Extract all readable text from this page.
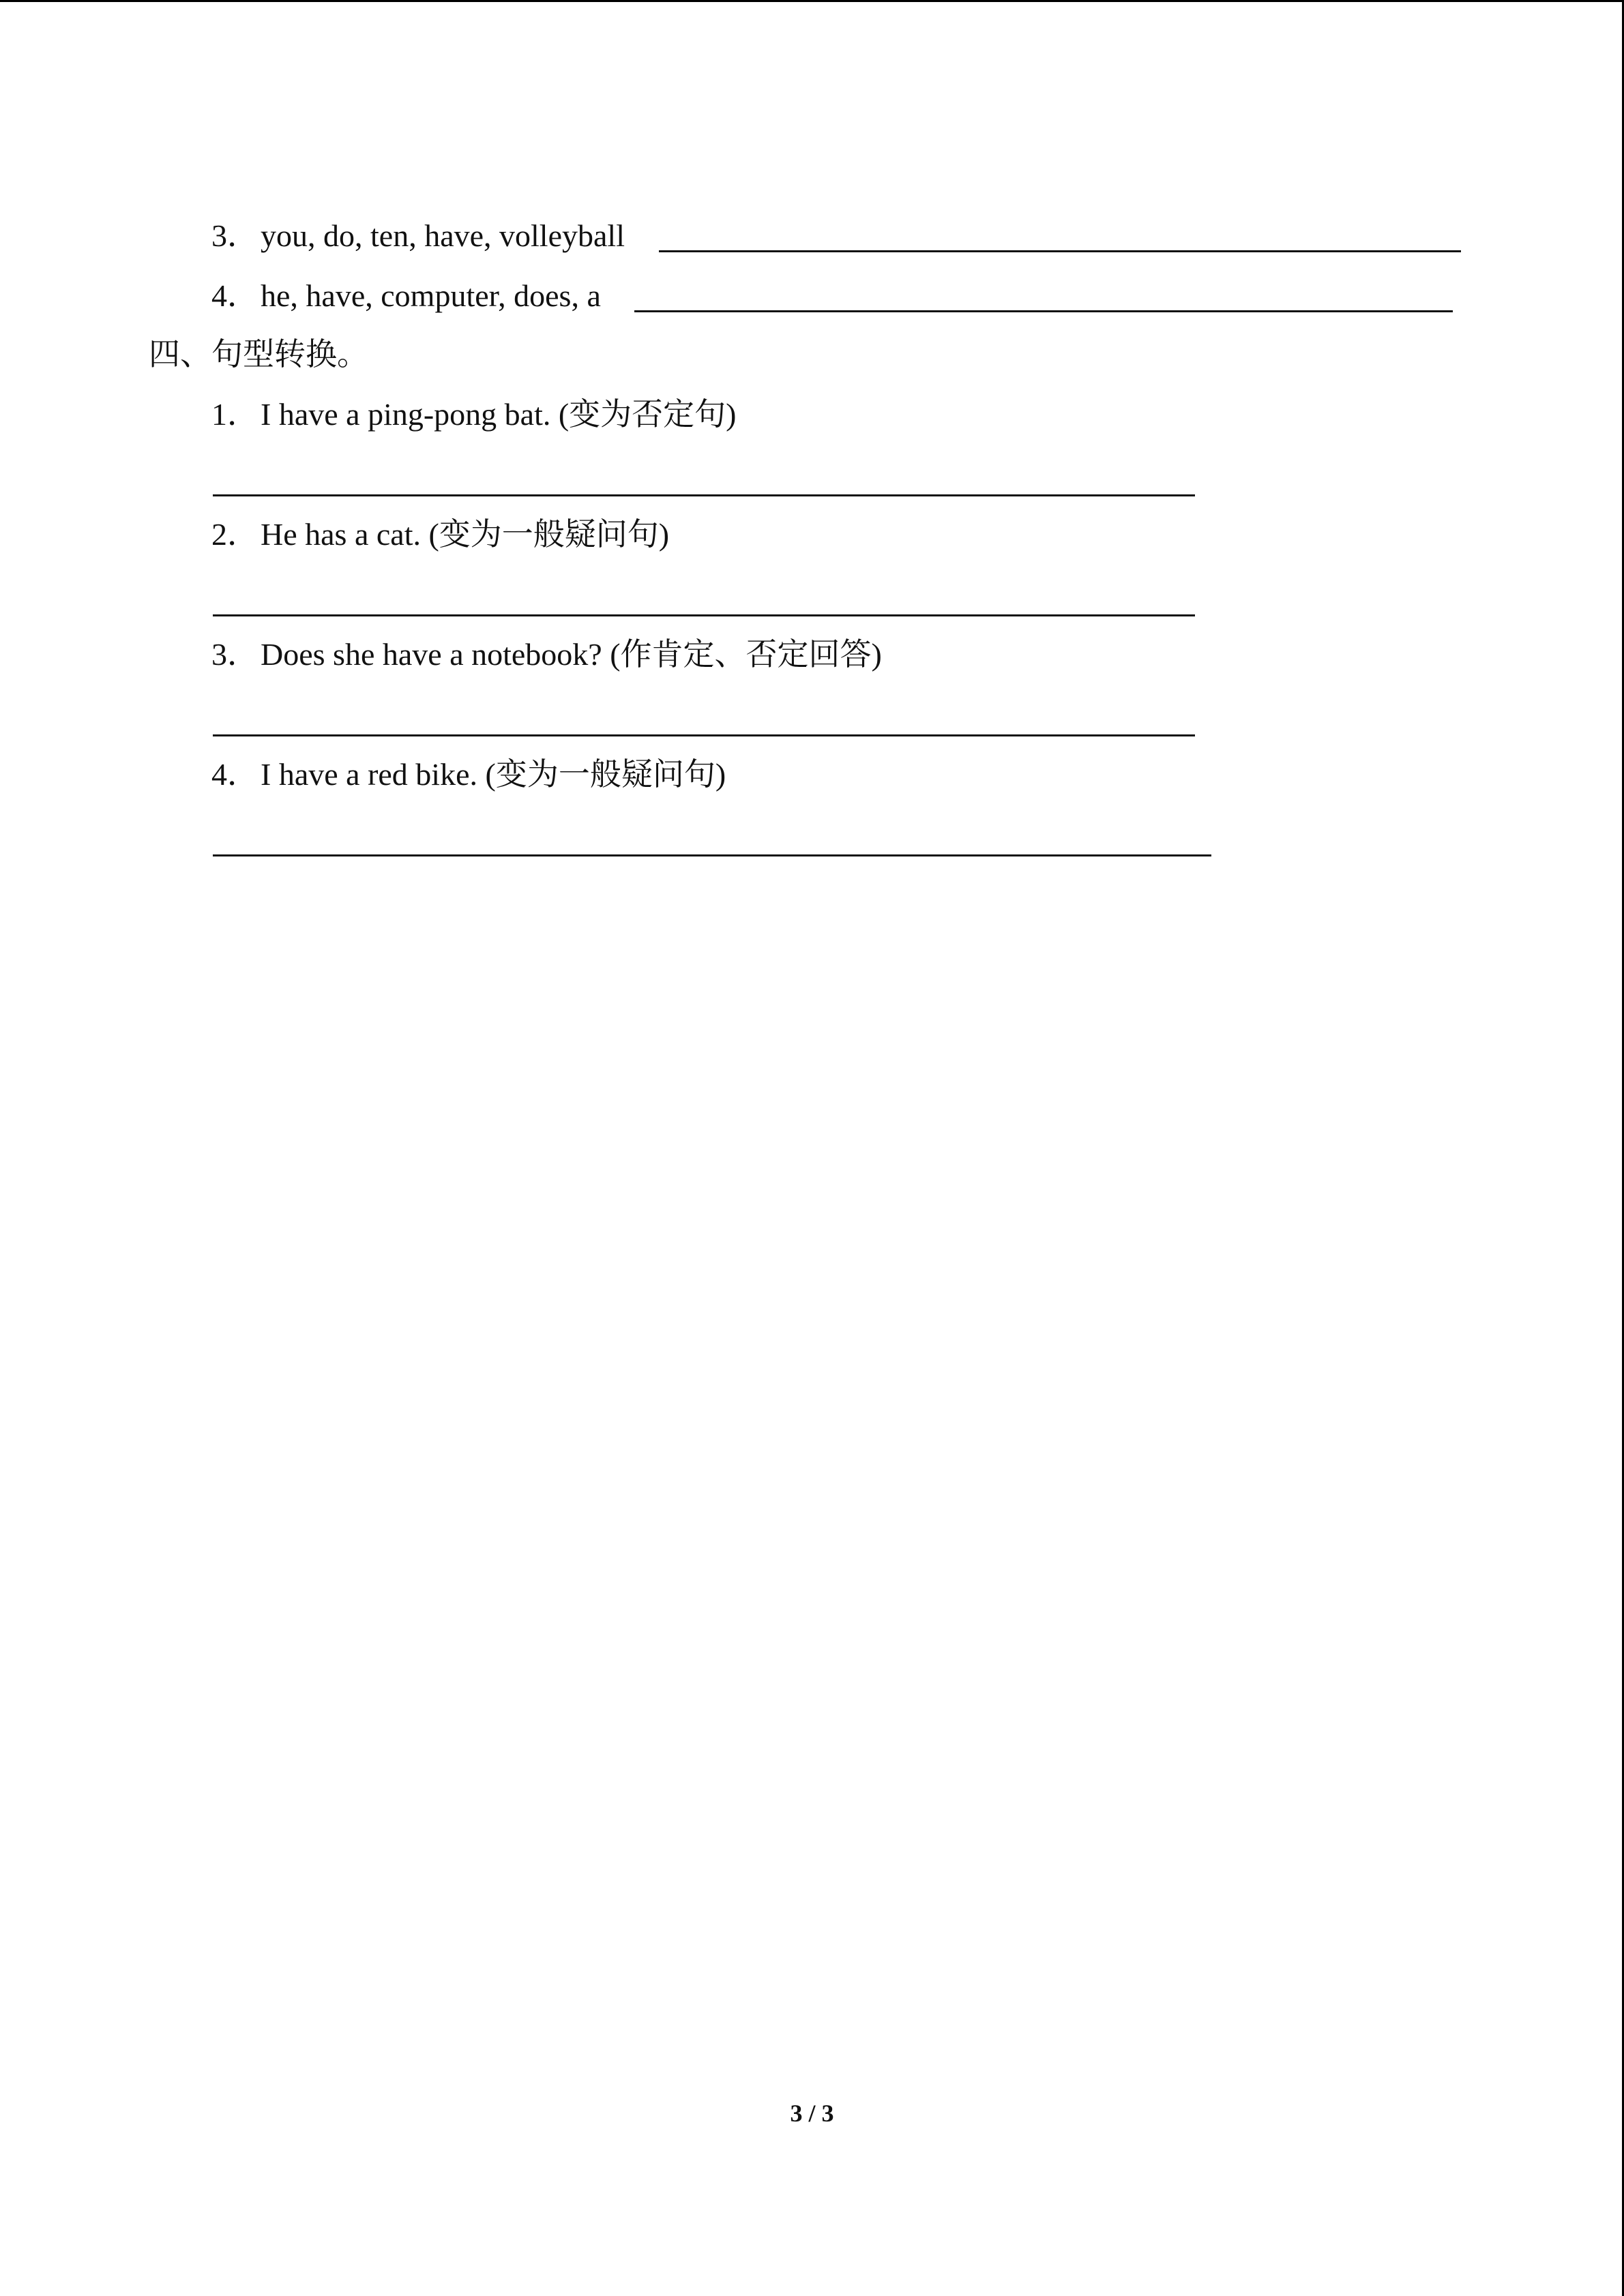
3．you, do, ten, have, volleyball
4．he, have, computer, does, a
四、句型转换。
1．I have a ping-pong bat. (变为否定句)
2．He has a cat. (变为一般疑问句)
3．Does she have a notebook? (作肯定、否定回答)
4．I have a red bike. (变为一般疑问句)
3 / 3
